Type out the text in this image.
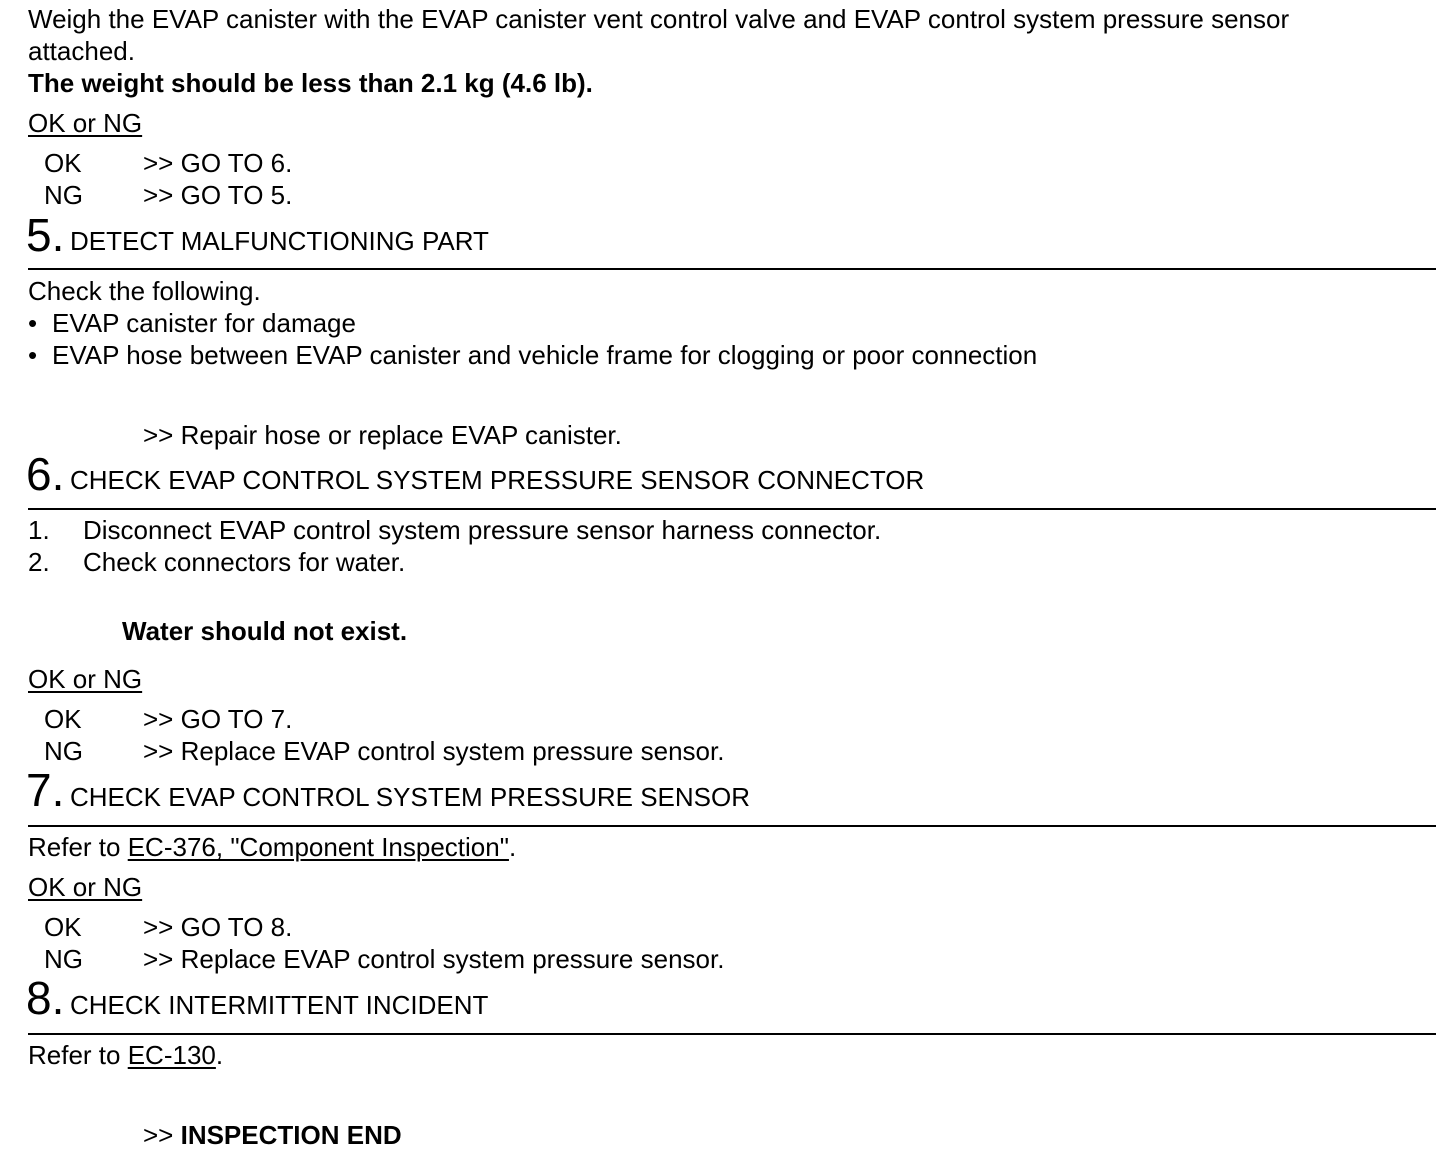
Weigh the EVAP canister with the EVAP canister vent control valve and EVAP control system pressure sensor
attached.
The weight should be less than 2.1 kg (4.6 lb).
OK or NG
OK >> GO TO 6.
NG >> GO TO 5.
5. DETECT MALFUNCTIONING PART
Check the following.
• EVAP canister for damage
• EVAP hose between EVAP canister and vehicle frame for clogging or poor connection
>> Repair hose or replace EVAP canister.
6. CHECK EVAP CONTROL SYSTEM PRESSURE SENSOR CONNECTOR
1. Disconnect EVAP control system pressure sensor harness connector.
2. Check connectors for water.
Water should not exist.
OK or NG
OK >> GO TO 7.
NG >> Replace EVAP control system pressure sensor.
7. CHECK EVAP CONTROL SYSTEM PRESSURE SENSOR
Refer to EC-376, "Component Inspection".
OK or NG
OK >> GO TO 8.
NG >> Replace EVAP control system pressure sensor.
8. CHECK INTERMITTENT INCIDENT
Refer to EC-130.
>> INSPECTION END
